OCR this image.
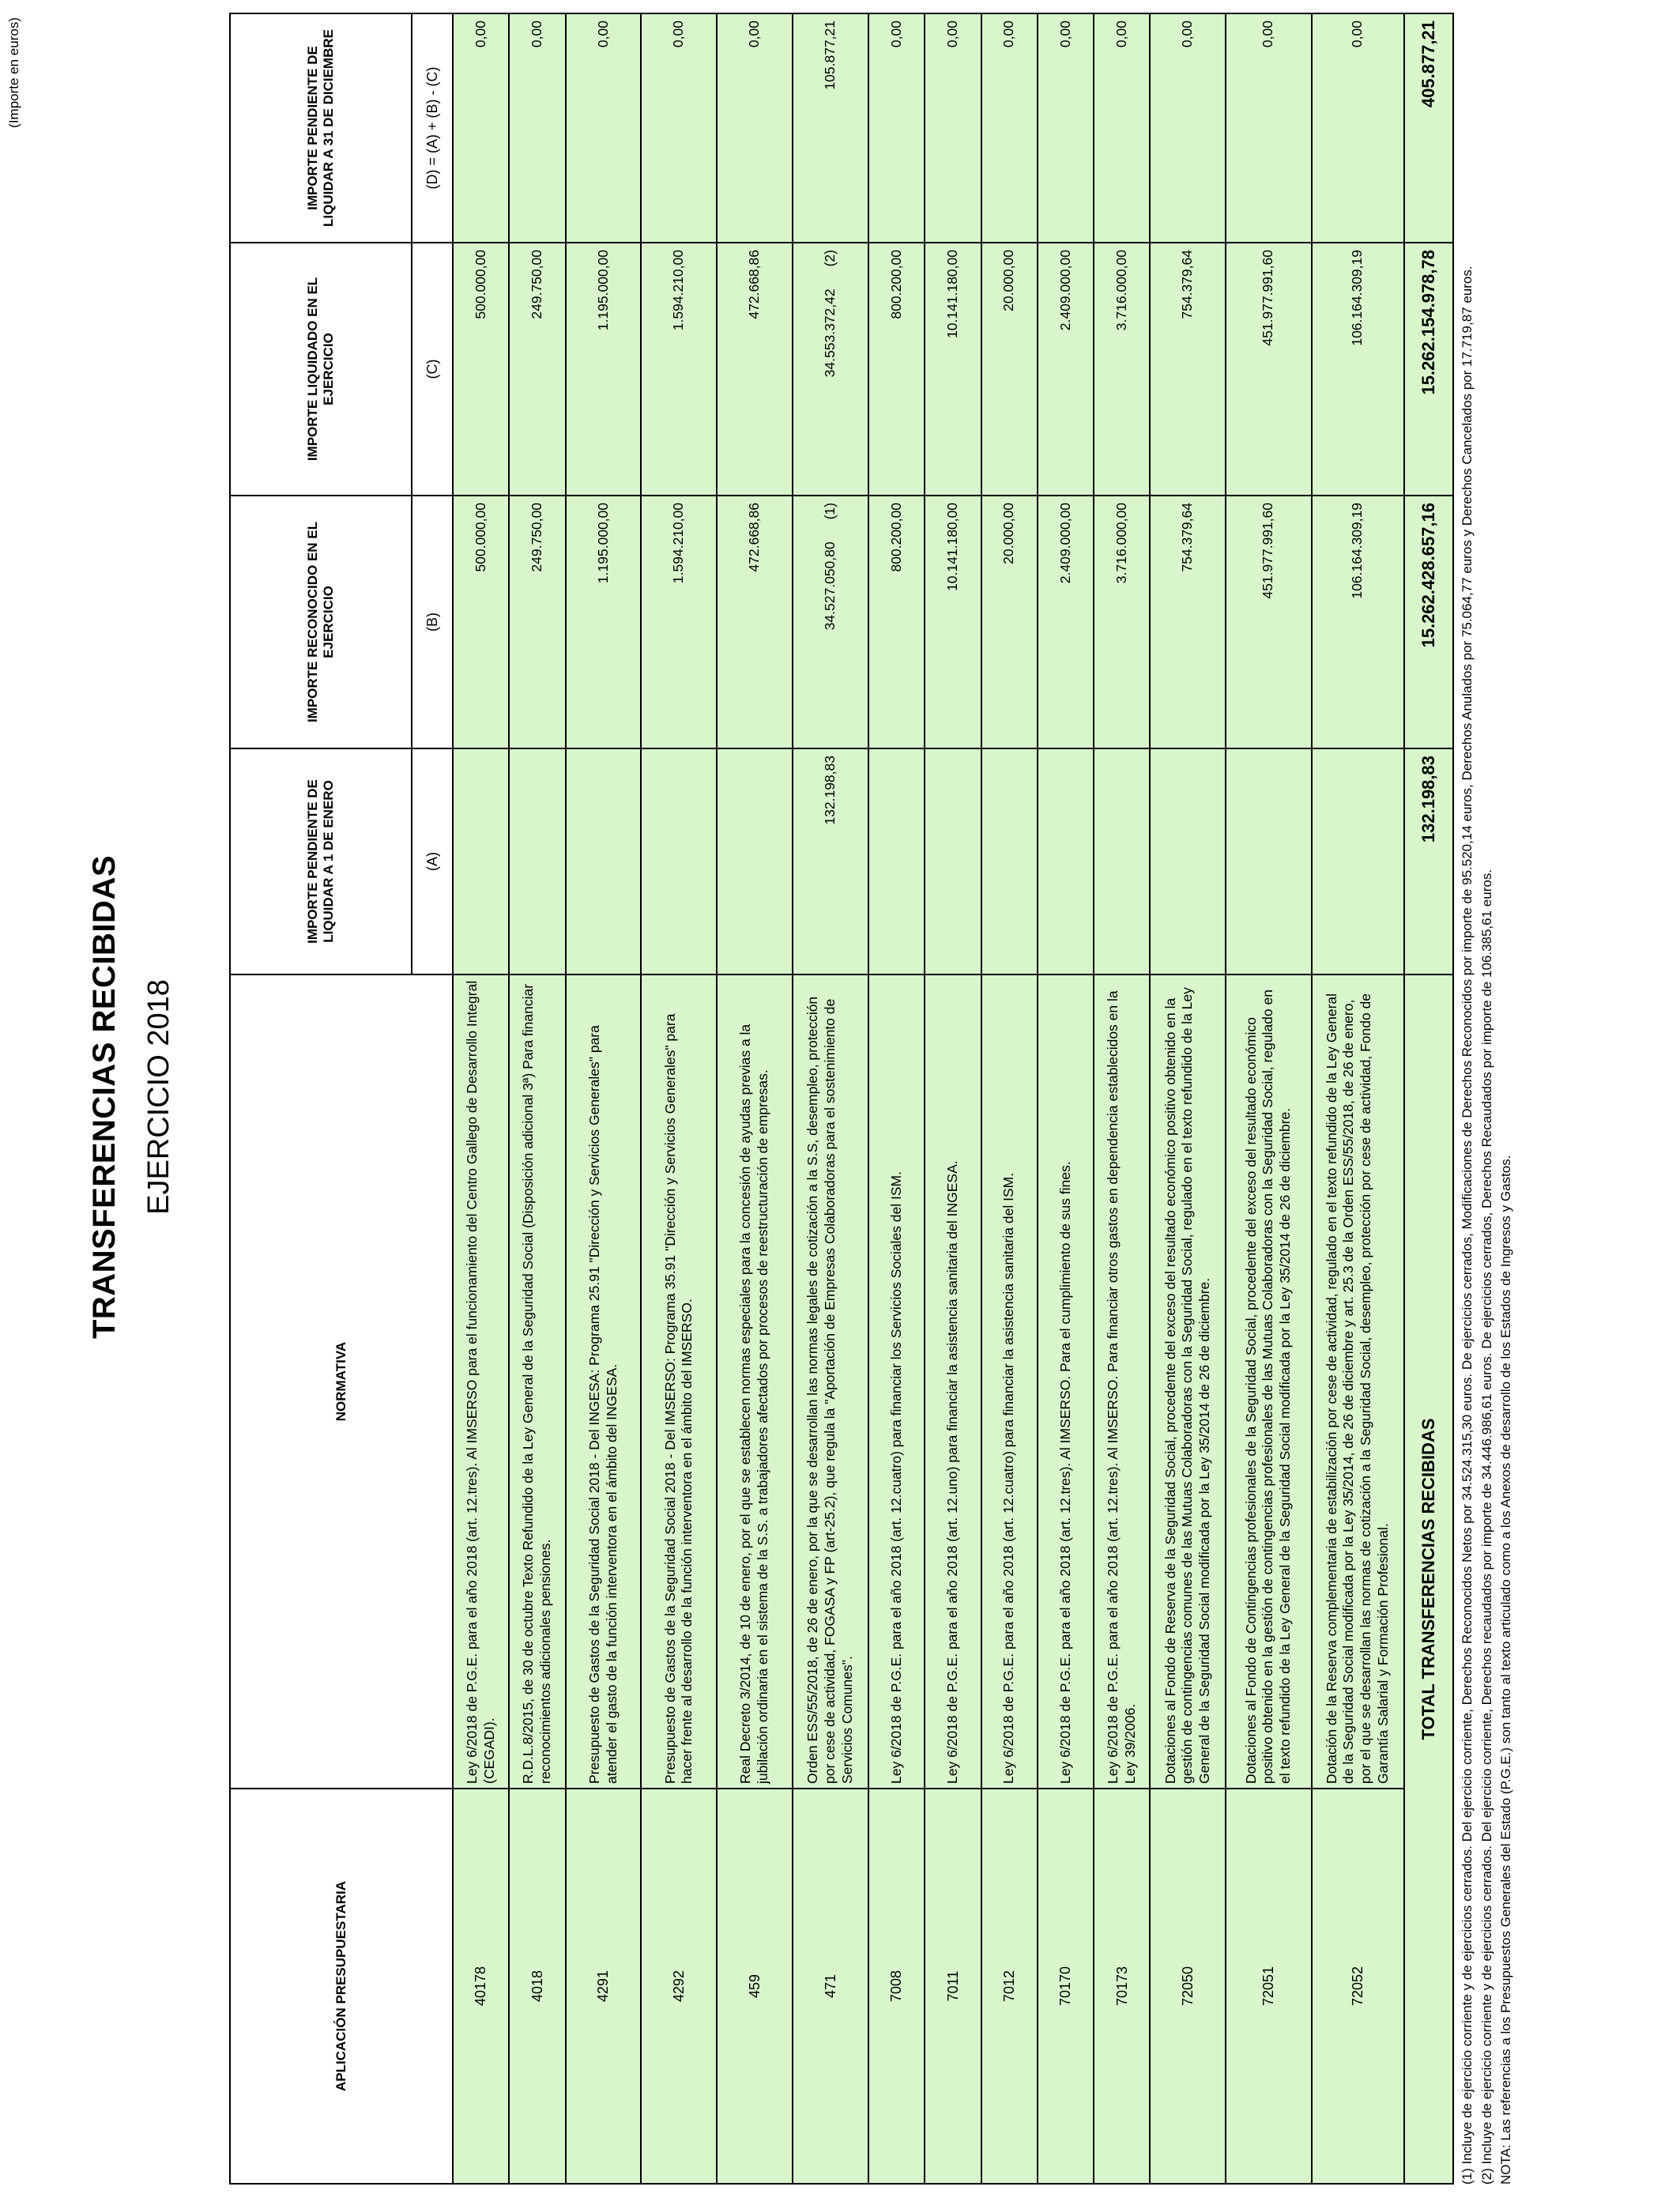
(Importe en euros)
APLICACIÓN PRESUPUESTARIA	NORMATIVA	IMPORTE PENDIENTE DE LIQUIDAR A 1 DE ENERO	IMPORTE RECONOCIDO EN EL EJERCICIO	IMPORTE LIQUIDADO EN EL EJERCICIO	IMPORTE PENDIENTE DE LIQUIDAR A 31 DE DICIEMBRE
		(A)	(B)	(C)	(D) = (A) + (B) - (C)
40178	Ley 6/2018 de P.G.E. para el año 2018 (art. 12.tres). Al IMSERSO para el funcionamiento del Centro Gallego de Desarrollo Integral (CEGADI).		500.000,00	500.000,00	0,00
4018	R.D.L.8/2015, de 30 de octubre Texto Refundido de la Ley General de la Seguridad Social (Disposición adicional 3ª) Para financiar reconocimientos adicionales pensiones.		249.750,00	249.750,00	0,00
4291	Presupuesto de Gastos de la Seguridad Social 2018 - Del INGESA: Programa 25.91 "Dirección y Servicios Generales" para atender el gasto de la función interventora en el ámbito del INGESA.		1.195.000,00	1.195.000,00	0,00
4292	Presupuesto de Gastos de la Seguridad Social 2018 - Del IMSERSO: Programa 35.91 "Dirección y Servicios Generales" para hacer frente al desarrollo de la función interventora en el ámbito del IMSERSO.		1.594.210,00	1.594.210,00	0,00
459	Real Decreto 3/2014, de 10 de enero, por el que se establecen normas especiales para la concesión de ayudas previas a la jubilación ordinaria en el sistema de la S.S. a trabajadores afectados por procesos de reestructuración de empresas.		472.668,86	472.668,86	0,00
471	Orden ESS/55/2018, de 26 de enero, por la que se desarrollan las normas legales de cotización a la S.S, desempleo, protección por cese de actividad, FOGASA y FP (art-25.2), que regula la "Aportación de Empresas Colaboradoras para el sostenimiento de Servicios Comunes".	132.198,83	34.527.050,80(1)	34.553.372,42(2)	105.877,21
7008	Ley 6/2018 de P.G.E. para el año 2018 (art. 12.cuatro) para financiar los Servicios Sociales del ISM.		800.200,00	800.200,00	0,00
7011	Ley 6/2018 de P.G.E. para el año 2018 (art. 12.uno) para financiar la asistencia sanitaria del INGESA.		10.141.180,00	10.141.180,00	0,00
7012	Ley 6/2018 de P.G.E. para el año 2018 (art. 12.cuatro) para financiar la asistencia sanitaria del ISM.		20.000,00	20.000,00	0,00
70170	Ley 6/2018 de P.G.E. para el año 2018 (art. 12.tres). Al IMSERSO. Para el cumplimiento de sus fines.		2.409.000,00	2.409.000,00	0,00
70173	Ley 6/2018 de P.G.E. para el año 2018 (art. 12.tres). Al IMSERSO. Para financiar otros gastos en dependencia establecidos en la Ley 39/2006.		3.716.000,00	3.716.000,00	0,00
72050	Dotaciones al Fondo de Reserva de la Seguridad Social, procedente del exceso del resultado económico positivo obtenido en la gestión de contingencias comunes de las Mutuas Colaboradoras con la Seguridad Social, regulado en el texto refundido de la Ley General de la Seguridad Social modificada por la Ley 35/2014 de 26 de diciembre.		754.379,64	754.379,64	0,00
72051	Dotaciones al Fondo de Contingencias profesionales de la Seguridad Social, procedente del exceso del resultado económico positivo obtenido en la gestión de contingencias profesionales de las Mutuas Colaboradoras con la Seguridad Social, regulado en el texto refundido de la Ley General de la Seguridad Social modificada por la Ley 35/2014 de 26 de diciembre.		451.977.991,60	451.977.991,60	0,00
72052	Dotación de la Reserva complementaria de estabilización por cese de actividad, regulado en el texto refundido de la Ley General de la Seguridad Social modificada por la Ley 35/2014, de 26 de diciembre y art. 25.3 de la Orden ESS/55/2018, de 26 de enero, por el que se desarrollan las normas de cotización a la Seguridad Social, desempleo, protección por cese de actividad, Fondo de Garantía Salarial y Formación Profesional.		106.164.309,19	106.164.309,19	0,00
TOTAL TRANSFERENCIAS RECIBIDAS		132.198,83	15.262.428.657,16	15.262.154.978,78	405.877,21

(1) Incluye de ejercicio corriente y de ejercicios cerrados. Del ejercicio corriente, Derechos Reconocidos Netos por 34.524.315,30 euros. De ejercicios cerrados, Modificaciones de Derechos Reconocidos por importe de 95.520,14 euros, Derechos Anulados por 75.064,77 euros y Derechos Cancelados por 17.719,87 euros. (2) Incluye de ejercicio corriente y de ejercicios cerrados. Del ejercicio corriente, Derechos recaudados por importe de 34.446.986,61 euros. De ejercicios cerrados, Derechos Recaudados por importe de 106.385,61 euros. NOTA: Las referencias a los Presupuestos Generales del Estado (P.G.E.) son tanto al texto articulado como a los Anexos de desarrollo de los Estados de Ingresos y Gastos.

TRANSFERENCIAS RECIBIDAS EJERCICIO 2018
